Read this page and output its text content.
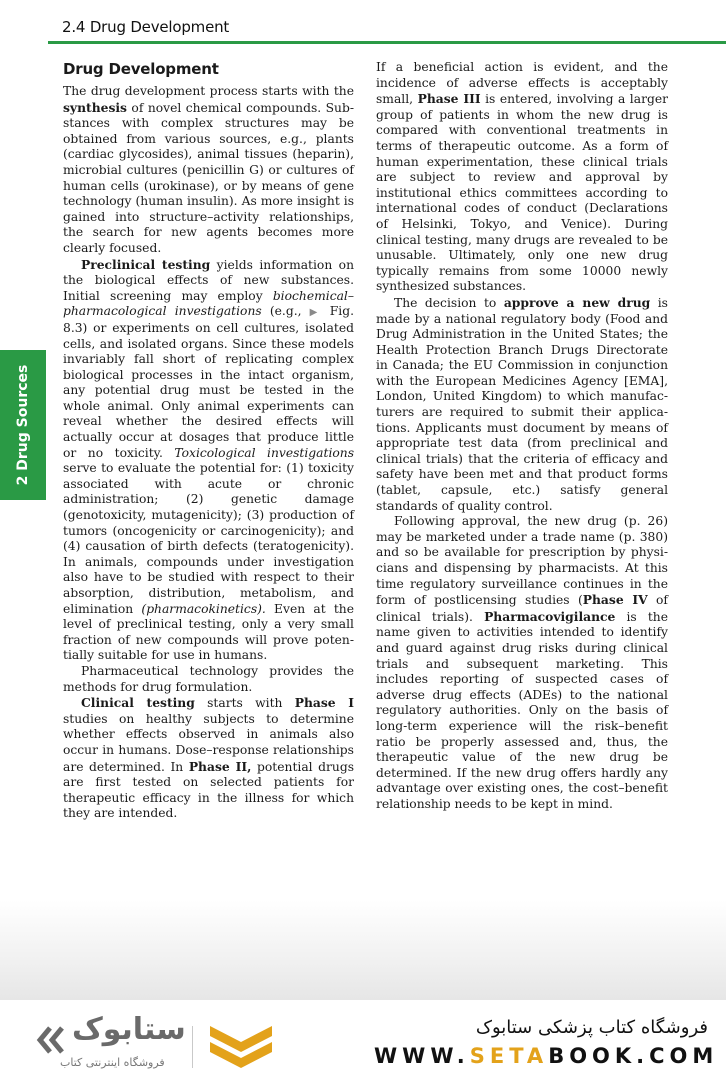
2.4 Drug Development
2 Drug Sources
Drug Development

The drug development process starts with the synthesis of novel chemical compounds. Substances with complex structures may be obtained from various sources, e.g., plants (cardiac glycosides), animal tissues (heparin), microbial cultures (penicillin G) or cultures of human cells (urokinase), or by means of gene technology (human insulin). As more insight is gained into structure–activity relationships, the search for new agents becomes more clearly focused.

Preclinical testing yields information on the biological effects of new substances. Initial screening may employ biochemical–pharmacological investigations (e.g., ▶ Fig. 8.3) or experiments on cell cultures, isolated cells, and isolated organs. Since these models invariably fall short of replicating complex biological processes in the intact organism, any potential drug must be tested in the whole animal. Only animal experiments can reveal whether the desired effects will actually occur at dosages that produce little or no toxicity. Toxicological investigations serve to evaluate the potential for: (1) toxicity associated with acute or chronic administration; (2) genetic damage (genotoxicity, mutagenicity); (3) production of tumors (oncogenicity or carcinogenicity); and (4) causation of birth defects (teratogenicity). In animals, compounds under investigation also have to be studied with respect to their absorption, distribution, metabolism, and elimination (pharmacokinetics). Even at the level of preclinical testing, only a very small fraction of new compounds will prove potentially suitable for use in humans.

Pharmaceutical technology provides the methods for drug formulation.

Clinical testing starts with Phase I studies on healthy subjects to determine whether effects observed in animals also occur in humans. Dose–response relationships are determined. In Phase II, potential drugs are first tested on selected patients for therapeutic efficacy in the illness for which they are intended.

If a beneficial action is evident, and the incidence of adverse effects is acceptably small, Phase III is entered, involving a larger group of patients in whom the new drug is compared with conventional treatments in terms of therapeutic outcome. As a form of human experimentation, these clinical trials are subject to review and approval by institutional ethics committees according to international codes of conduct (Declarations of Helsinki, Tokyo, and Venice). During clinical testing, many drugs are revealed to be unusable. Ultimately, only one new drug typically remains from some 10000 newly synthesized substances.

The decision to approve a new drug is made by a national regulatory body (Food and Drug Administration in the United States; the Health Protection Branch Drugs Directorate in Canada; the EU Commission in conjunction with the European Medicines Agency [EMA], London, United Kingdom) to which manufacturers are required to submit their applications. Applicants must document by means of appropriate test data (from preclinical and clinical trials) that the criteria of efficacy and safety have been met and that product forms (tablet, capsule, etc.) satisfy general standards of quality control.

Following approval, the new drug (p. 26) may be marketed under a trade name (p. 380) and so be available for prescription by physicians and dispensing by pharmacists. At this time regulatory surveillance continues in the form of postlicensing studies (Phase IV of clinical trials). Pharmacovigilance is the name given to activities intended to identify and guard against drug risks during clinical trials and subsequent marketing. This includes reporting of suspected cases of adverse drug effects (ADEs) to the national regulatory authorities. Only on the basis of long-term experience will the risk–benefit ratio be properly assessed and, thus, the therapeutic value of the new drug be determined. If the new drug offers hardly any advantage over existing ones, the cost–benefit relationship needs to be kept in mind.

ستابوک
فروشگاه اینترنتی کتاب
فروشگاه کتاب پزشکی ستابوک
WWW.SETABOOK.COM
